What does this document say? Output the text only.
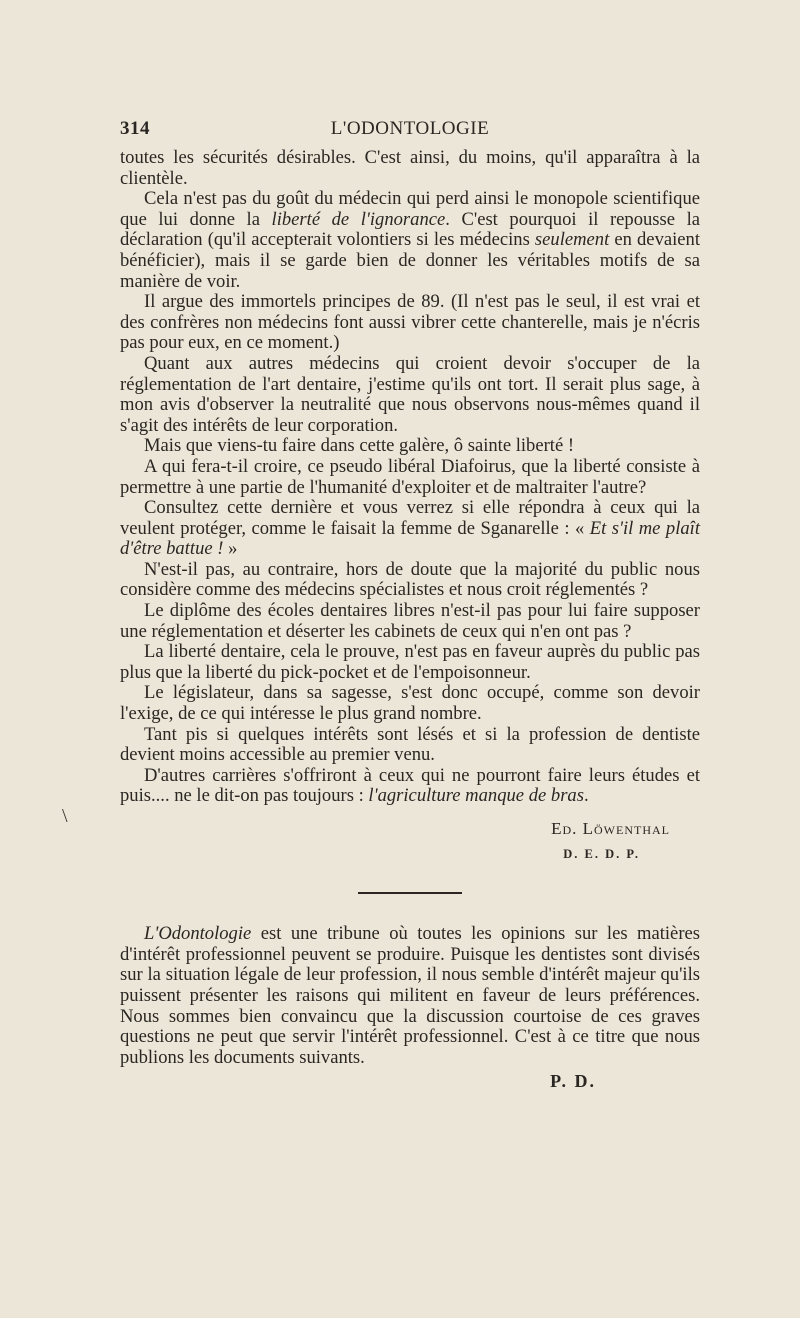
L'ODONTOLOGIE
314
\

toutes les sécurités désirables. C'est ainsi, du moins, qu'il apparaîtra à la clientèle.

Cela n'est pas du goût du médecin qui perd ainsi le monopole scientifique que lui donne la liberté de l'ignorance. C'est pourquoi il repousse la déclaration (qu'il accepterait volontiers si les médecins seulement en devaient bénéficier), mais il se garde bien de donner les véritables motifs de sa manière de voir.

Il argue des immortels principes de 89. (Il n'est pas le seul, il est vrai et des confrères non médecins font aussi vibrer cette chanterelle, mais je n'écris pas pour eux, en ce moment.)

Quant aux autres médecins qui croient devoir s'occuper de la réglementation de l'art dentaire, j'estime qu'ils ont tort. Il serait plus sage, à mon avis d'observer la neutralité que nous observons nous-mêmes quand il s'agit des intérêts de leur corporation.

Mais que viens-tu faire dans cette galère, ô sainte liberté !

A qui fera-t-il croire, ce pseudo libéral Diafoirus, que la liberté consiste à permettre à une partie de l'humanité d'exploiter et de maltraiter l'autre?

Consultez cette dernière et vous verrez si elle répondra à ceux qui la veulent protéger, comme le faisait la femme de Sganarelle : « Et s'il me plaît d'être battue ! »

N'est-il pas, au contraire, hors de doute que la majorité du public nous considère comme des médecins spécialistes et nous croit réglementés ?

Le diplôme des écoles dentaires libres n'est-il pas pour lui faire supposer une réglementation et déserter les cabinets de ceux qui n'en ont pas ?

La liberté dentaire, cela le prouve, n'est pas en faveur auprès du public pas plus que la liberté du pick-pocket et de l'empoisonneur.

Le législateur, dans sa sagesse, s'est donc occupé, comme son devoir l'exige, de ce qui intéresse le plus grand nombre.

Tant pis si quelques intérêts sont lésés et si la profession de dentiste devient moins accessible au premier venu.

D'autres carrières s'offriront à ceux qui ne pourront faire leurs études et puis.... ne le dit-on pas toujours : l'agriculture manque de bras.

Ed. Löwenthal
D. E. D. P.

L'Odontologie est une tribune où toutes les opinions sur les matières d'intérêt professionnel peuvent se produire. Puisque les dentistes sont divisés sur la situation légale de leur profession, il nous semble d'intérêt majeur qu'ils puissent présenter les raisons qui militent en faveur de leurs préférences. Nous sommes bien convaincu que la discussion courtoise de ces graves questions ne peut que servir l'intérêt professionnel. C'est à ce titre que nous publions les documents suivants.

P. D.
